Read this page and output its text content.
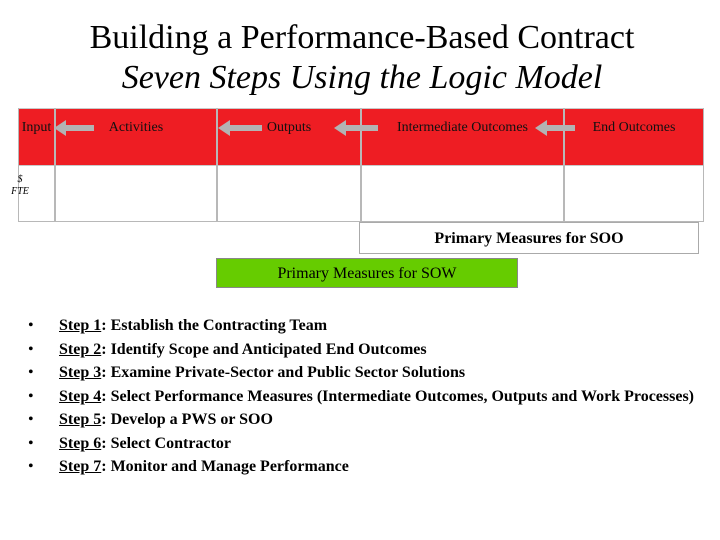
Building a Performance-Based Contract
Seven Steps Using the Logic Model
Input	Activities	Outputs	Intermediate Outcomes	End Outcomes
$
FTE
Primary Measures for SOO
Primary Measures for SOW
• Step 1: Establish the Contracting Team
• Step 2: Identify Scope and Anticipated End Outcomes
• Step 3: Examine Private-Sector and Public Sector Solutions
• Step 4: Select Performance Measures (Intermediate Outcomes, Outputs and Work Processes)
• Step 5: Develop a PWS or SOO
• Step 6: Select Contractor
• Step 7: Monitor and Manage Performance
